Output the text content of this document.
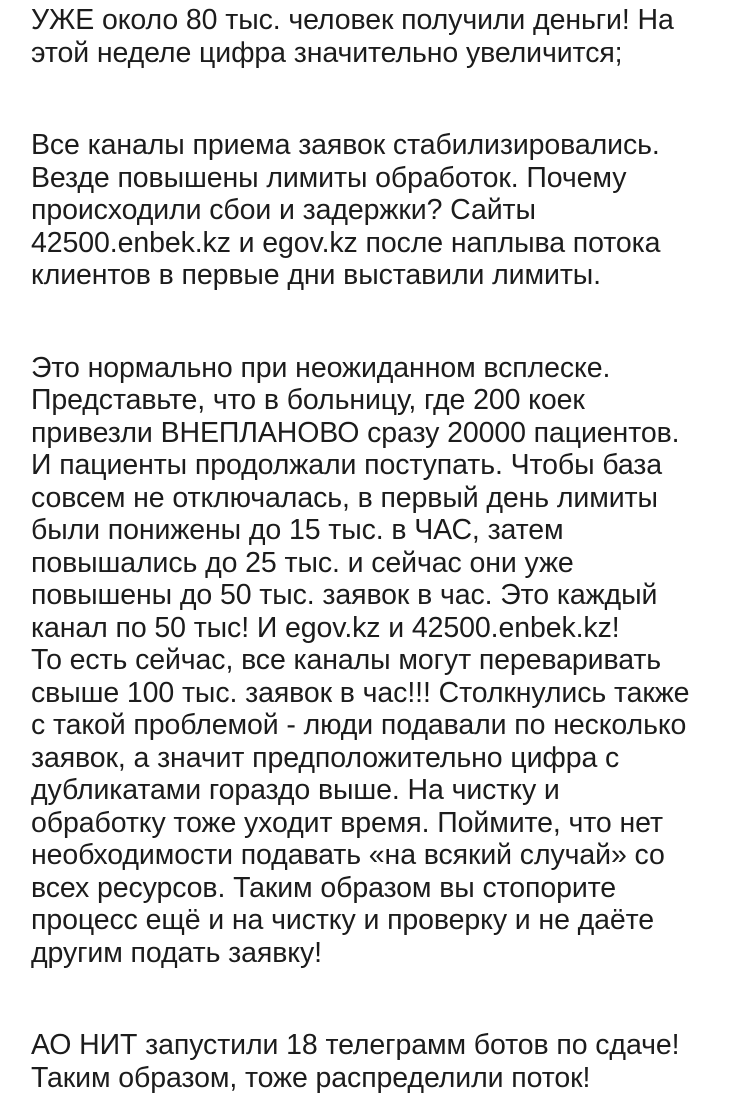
УЖЕ около 80 тыс. человек получили деньги! На
этой неделе цифра значительно увеличится;
Все каналы приема заявок стабилизировались.
Везде повышены лимиты обработок. Почему
происходили сбои и задержки? Сайты
42500.enbek.kz и egov.kz после наплыва потока
клиентов в первые дни выставили лимиты.
Это нормально при неожиданном всплеске.
Представьте, что в больницу, где 200 коек
привезли ВНЕПЛАНОВО сразу 20000 пациентов.
И пациенты продолжали поступать. Чтобы база
совсем не отключалась, в первый день лимиты
были понижены до 15 тыс. в ЧАС, затем
повышались до 25 тыс. и сейчас они уже
повышены до 50 тыс. заявок в час. Это каждый
канал по 50 тыс! И egov.kz и 42500.enbek.kz!
То есть сейчас, все каналы могут переваривать
свыше 100 тыс. заявок в час!!! Столкнулись также
с такой проблемой - люди подавали по несколько
заявок, а значит предположительно цифра с
дубликатами гораздо выше. На чистку и
обработку тоже уходит время. Поймите, что нет
необходимости подавать «на всякий случай» со
всех ресурсов. Таким образом вы стопорите
процесс ещё и на чистку и проверку и не даёте
другим подать заявку!
АО НИТ запустили 18 телеграмм ботов по сдаче!
Таким образом, тоже распределили поток!
